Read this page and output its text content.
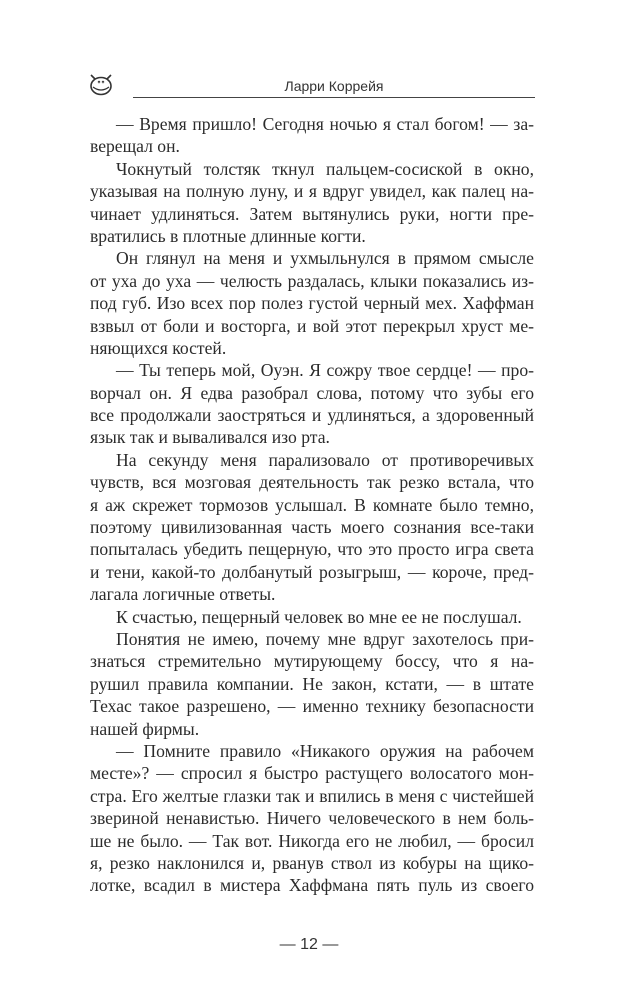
Ларри Коррейя
— Время пришло! Сегодня ночью я стал богом! — за-
верещал он.
Чокнутый толстяк ткнул пальцем-сосиской в окно,
указывая на полную луну, и я вдруг увидел, как палец на-
чинает удлиняться. Затем вытянулись руки, ногти пре-
вратились в плотные длинные когти.
Он глянул на меня и ухмыльнулся в прямом смысле
от уха до уха — челюсть раздалась, клыки показались из-
под губ. Изо всех пор полез густой черный мех. Хаффман
взвыл от боли и восторга, и вой этот перекрыл хруст ме-
няющихся костей.
— Ты теперь мой, Оуэн. Я сожру твое сердце! — про-
ворчал он. Я едва разобрал слова, потому что зубы его
все продолжали заостряться и удлиняться, а здоровенный
язык так и вываливался изо рта.
На секунду меня парализовало от противоречивых
чувств, вся мозговая деятельность так резко встала, что
я аж скрежет тормозов услышал. В комнате было темно,
поэтому цивилизованная часть моего сознания все-таки
попыталась убедить пещерную, что это просто игра света
и тени, какой-то долбанутый розыгрыш, — короче, пред-
лагала логичные ответы.
К счастью, пещерный человек во мне ее не послушал.
Понятия не имею, почему мне вдруг захотелось при-
знаться стремительно мутирующему боссу, что я на-
рушил правила компании. Не закон, кстати, — в штате
Техас такое разрешено, — именно технику безопасности
нашей фирмы.
— Помните правило «Никакого оружия на рабочем
месте»? — спросил я быстро растущего волосатого мон-
стра. Его желтые глазки так и впились в меня с чистейшей
звериной ненавистью. Ничего человеческого в нем боль-
ше не было. — Так вот. Никогда его не любил, — бросил
я, резко наклонился и, рванув ствол из кобуры на щико-
лотке, всадил в мистера Хаффмана пять пуль из своего
— 12 —
